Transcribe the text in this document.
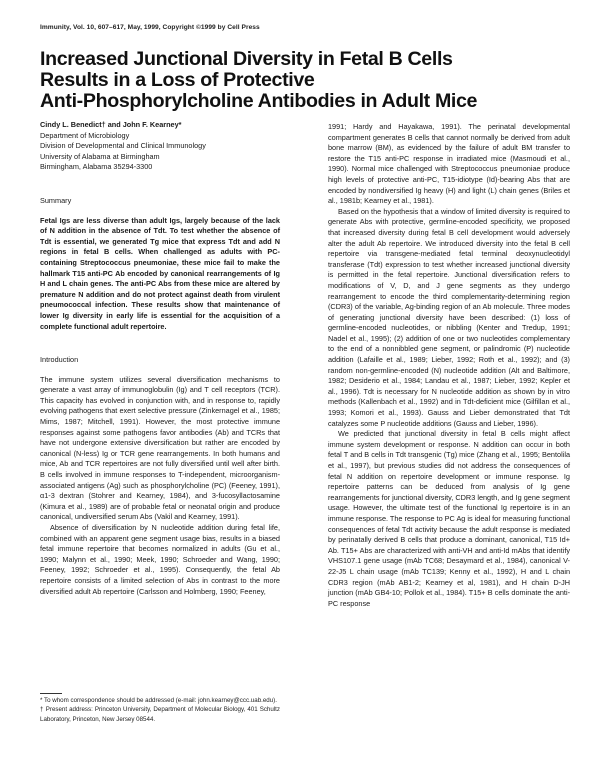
Immunity, Vol. 10, 607–617, May, 1999, Copyright ©1999 by Cell Press
Increased Junctional Diversity in Fetal B Cells
Results in a Loss of Protective
Anti-Phosphorylcholine Antibodies in Adult Mice
Cindy L. Benedict† and John F. Kearney*
Department of Microbiology
Division of Developmental and Clinical Immunology
University of Alabama at Birmingham
Birmingham, Alabama 35294-3300

Summary

Fetal Igs are less diverse than adult Igs, largely because of the lack of N addition in the absence of Tdt. To test whether the absence of Tdt is essential, we generated Tg mice that express Tdt and add N regions in fetal B cells. When challenged as adults with PC-containing Streptococcus pneumoniae, these mice fail to make the hallmark T15 anti-PC Ab encoded by canonical rearrangements of Ig H and L chain genes. The anti-PC Abs from these mice are altered by premature N addition and do not protect against death from virulent pneumococcal infection. These results show that maintenance of lower Ig diversity in early life is essential for the acquisition of a complete functional adult repertoire.

Introduction

The immune system utilizes several diversification mechanisms to generate a vast array of immunoglobulin (Ig) and T cell receptors (TCR). This capacity has evolved in conjunction with, and in response to, rapidly evolving pathogens that exert selective pressure (Zinkernagel et al., 1985; Mims, 1987; Mitchell, 1991). However, the most protective immune responses against some pathogens favor antibodies (Ab) and TCRs that have not undergone extensive diversification but rather are encoded by canonical (N-less) Ig or TCR gene rearrangements. In both humans and mice, Ab and TCR repertoires are not fully diversified until well after birth. B cells involved in immune responses to T-independent, microorganism-associated antigens (Ag) such as phosphorylcholine (PC) (Feeney, 1991), α1-3 dextran (Stohrer and Kearney, 1984), and 3-fucosyllactosamine (Kimura et al., 1989) are of probable fetal or neonatal origin and produce canonical, undiversified serum Abs (Vakil and Kearney, 1991).

Absence of diversification by N nucleotide addition during fetal life, combined with an apparent gene segment usage bias, results in a biased fetal immune repertoire that becomes normalized in adults (Gu et al., 1990; Malynn et al., 1990; Meek, 1990; Schroeder and Wang, 1990; Feeney, 1992; Schroeder et al., 1995). Consequently, the fetal Ab repertoire consists of a limited selection of Abs in contrast to the more diversified adult Ab repertoire (Carlsson and Holmberg, 1990; Feeney,

* To whom correspondence should be addressed (e-mail: john.kearney@ccc.uab.edu).
† Present address: Princeton University, Department of Molecular Biology, 401 Schultz Laboratory, Princeton, New Jersey 08544.

1991; Hardy and Hayakawa, 1991). The perinatal developmental compartment generates B cells that cannot normally be derived from adult bone marrow (BM), as evidenced by the failure of adult BM transfer to restore the T15 anti-PC response in irradiated mice (Masmoudi et al., 1990). Normal mice challenged with Streptococcus pneumoniae produce high levels of protective anti-PC, T15-idiotype (Id)-bearing Abs that are encoded by nondiversified Ig heavy (H) and light (L) chain genes (Briles et al., 1981b; Kearney et al., 1981).

Based on the hypothesis that a window of limited diversity is required to generate Abs with protective, germline-encoded specificity, we proposed that increased diversity during fetal B cell development would adversely alter the adult Ab repertoire. We introduced diversity into the fetal B cell repertoire via transgene-mediated fetal terminal deoxynucleotidyl transferase (Tdt) expression to test whether increased junctional diversity is permitted in the fetal repertoire. Junctional diversification refers to modifications of V, D, and J gene segments as they undergo rearrangement to encode the third complementarity-determining region (CDR3) of the variable, Ag-binding region of an Ab molecule. Three modes of generating junctional diversity have been described: (1) loss of germline-encoded nucleotides, or nibbling (Kenter and Tredup, 1991; Nadel et al., 1995); (2) addition of one or two nucleotides complementary to the end of a nonnibbled gene segment, or palindromic (P) nucleotide addition (Lafaille et al., 1989; Lieber, 1992; Roth et al., 1992); and (3) random non-germline-encoded (N) nucleotide addition (Alt and Baltimore, 1982; Desiderio et al., 1984; Landau et al., 1987; Lieber, 1992; Kepler et al., 1996). Tdt is necessary for N nucleotide addition as shown by in vitro methods (Kallenbach et al., 1992) and in Tdt-deficient mice (Gilfillan et al., 1993; Komori et al., 1993). Gauss and Lieber demonstrated that Tdt catalyzes some P nucleotide additions (Gauss and Lieber, 1996).

We predicted that junctional diversity in fetal B cells might affect immune system development or response. N addition can occur in both fetal T and B cells in Tdt transgenic (Tg) mice (Zhang et al., 1995; Bentolila et al., 1997), but previous studies did not address the consequences of fetal N addition on repertoire development or immune response. Ig repertoire patterns can be deduced from analysis of Ig gene rearrangements for junctional diversity, CDR3 length, and Ig gene segment usage. However, the ultimate test of the functional Ig repertoire is in an immune response. The response to PC Ag is ideal for measuring functional consequences of fetal Tdt activity because the adult response is mediated by perinatally derived B cells that produce a dominant, canonical, T15 Id+ Ab. T15+ Abs are characterized with anti-VH and anti-Id mAbs that identify VHS107.1 gene usage (mAb TC68; Desaymard et al., 1984), canonical V-22-J5 L chain usage (mAb TC139; Kenny et al., 1992), H and L chain CDR3 region (mAb AB1-2; Kearney et al, 1981), and H chain D-JH junction (mAb GB4-10; Pollok et al., 1984). T15+ B cells dominate the anti-PC response
